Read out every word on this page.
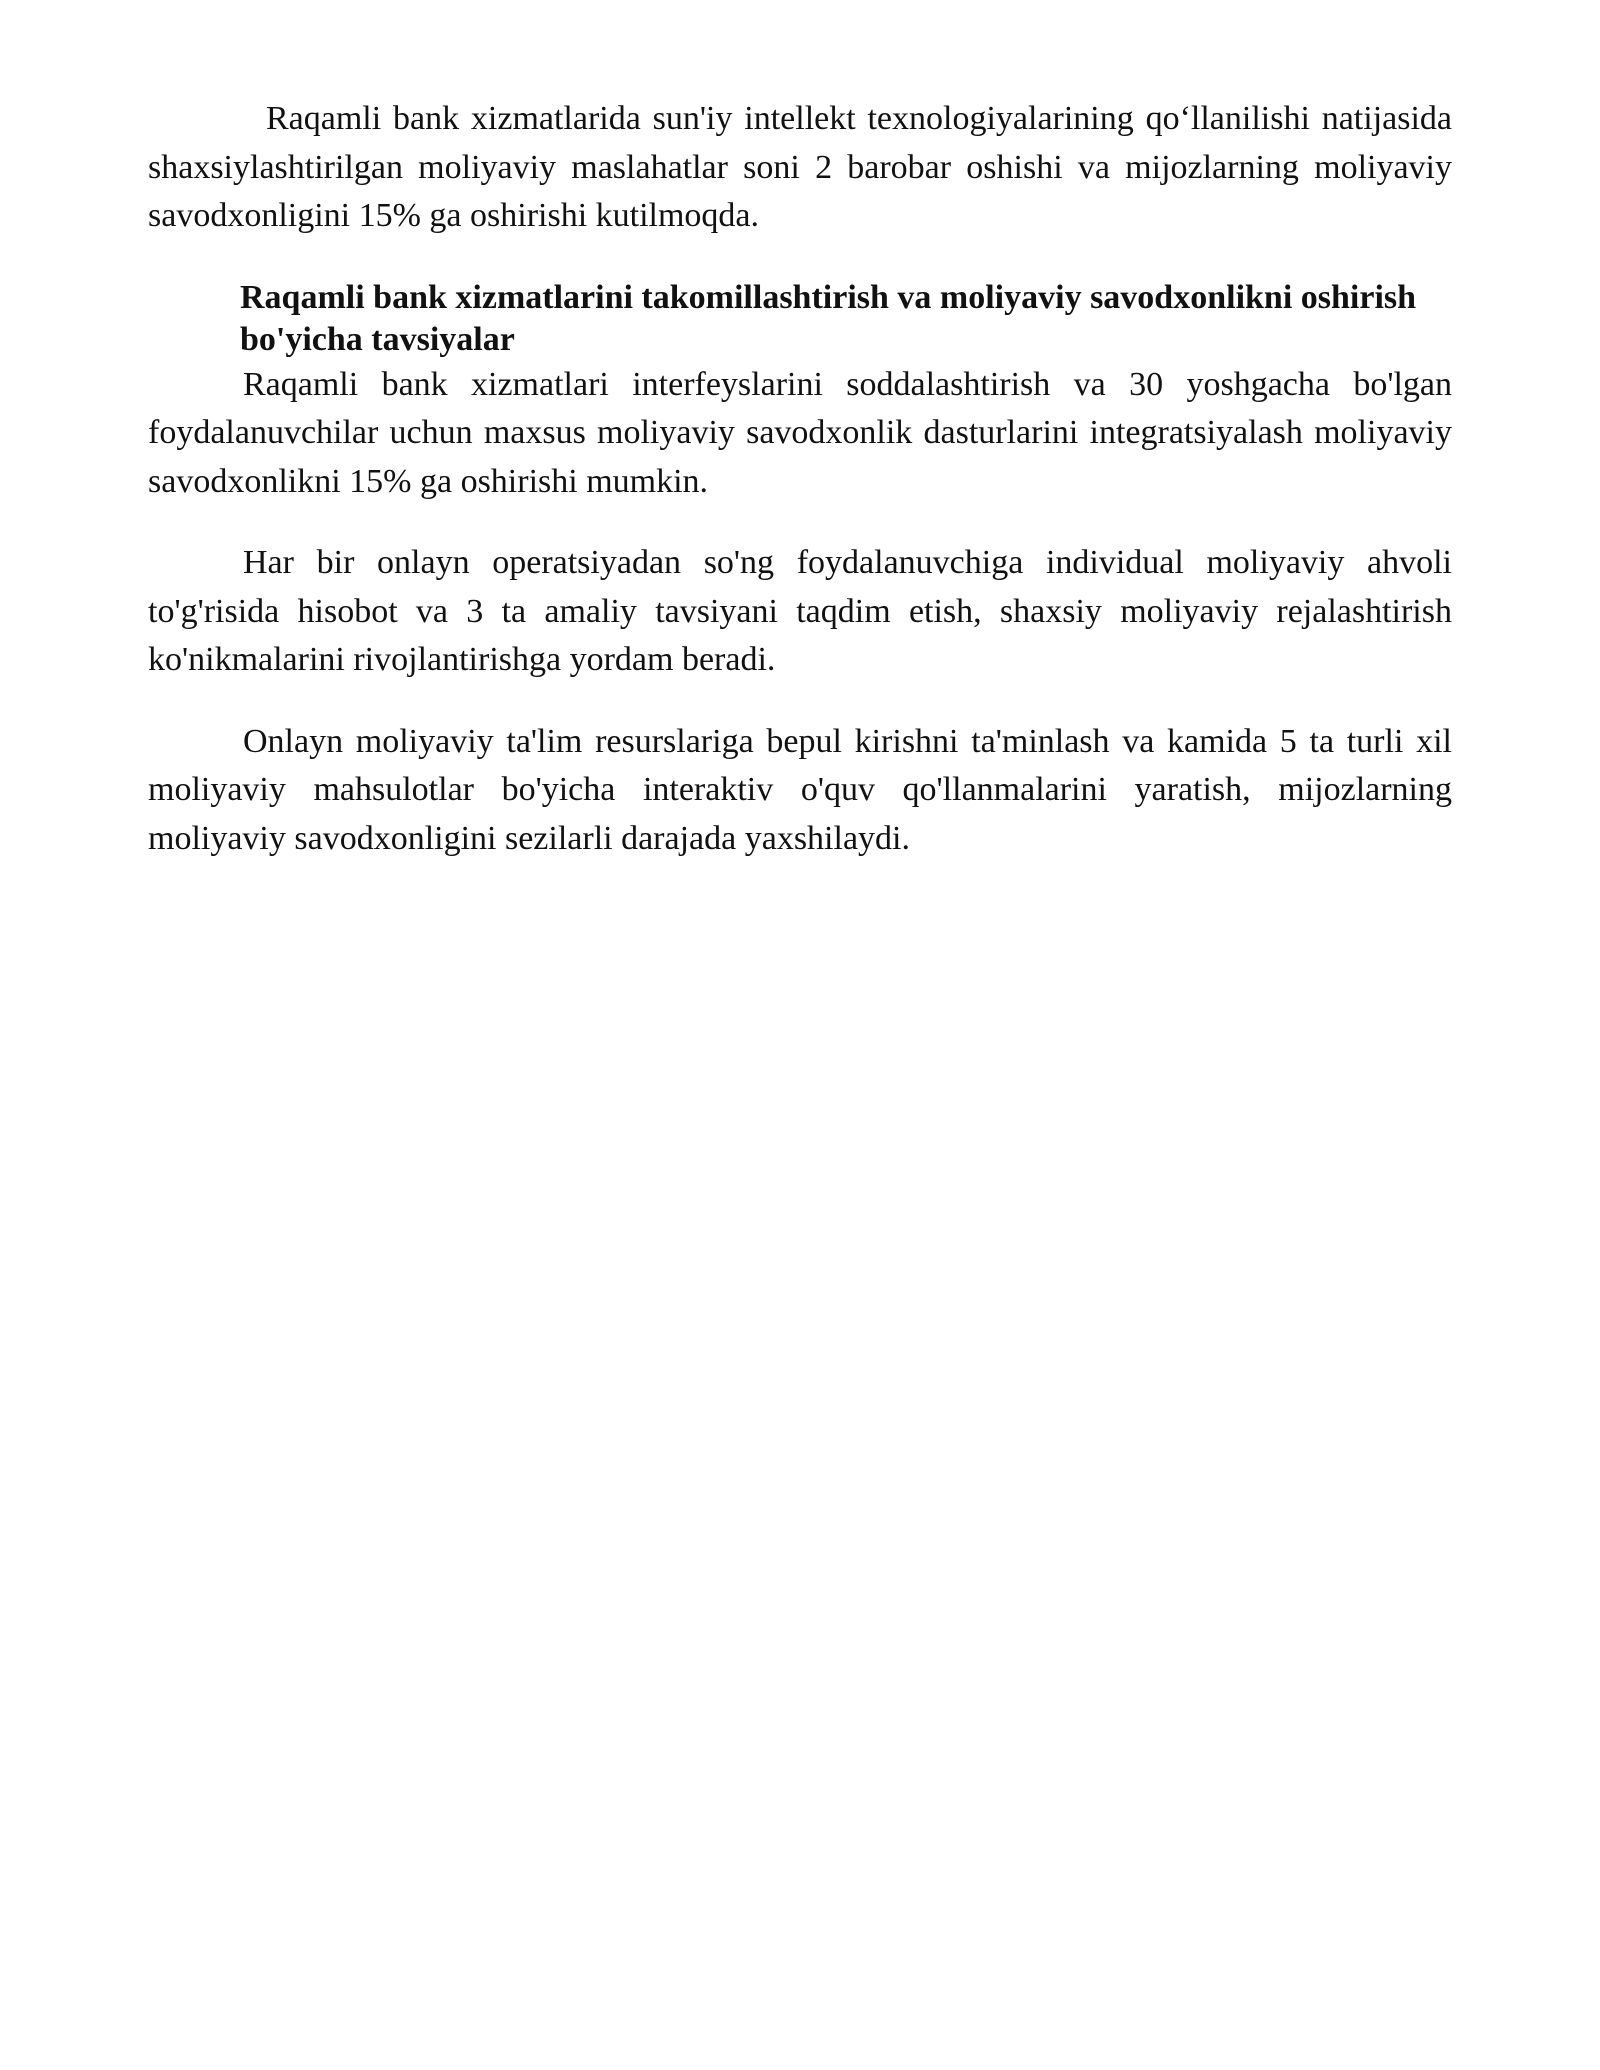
Raqamli bank xizmatlarida sun'iy intellekt texnologiyalarining qo‘llanilishi natijasida shaxsiylashtirilgan moliyaviy maslahatlar soni 2 barobar oshishi va mijozlarning moliyaviy savodxonligini 15% ga oshirishi kutilmoqda.

Raqamli bank xizmatlarini takomillashtirish va moliyaviy savodxonlikni oshirish bo'yicha tavsiyalar

Raqamli bank xizmatlari interfeyslarini soddalashtirish va 30 yoshgacha bo'lgan foydalanuvchilar uchun maxsus moliyaviy savodxonlik dasturlarini integratsiyalash moliyaviy savodxonlikni 15% ga oshirishi mumkin.

Har bir onlayn operatsiyadan so'ng foydalanuvchiga individual moliyaviy ahvoli to'g'risida hisobot va 3 ta amaliy tavsiyani taqdim etish, shaxsiy moliyaviy rejalashtirish ko'nikmalarini rivojlantirishga yordam beradi.

Onlayn moliyaviy ta'lim resurslariga bepul kirishni ta'minlash va kamida 5 ta turli xil moliyaviy mahsulotlar bo'yicha interaktiv o'quv qo'llanmalarini yaratish, mijozlarning moliyaviy savodxonligini sezilarli darajada yaxshilaydi.
